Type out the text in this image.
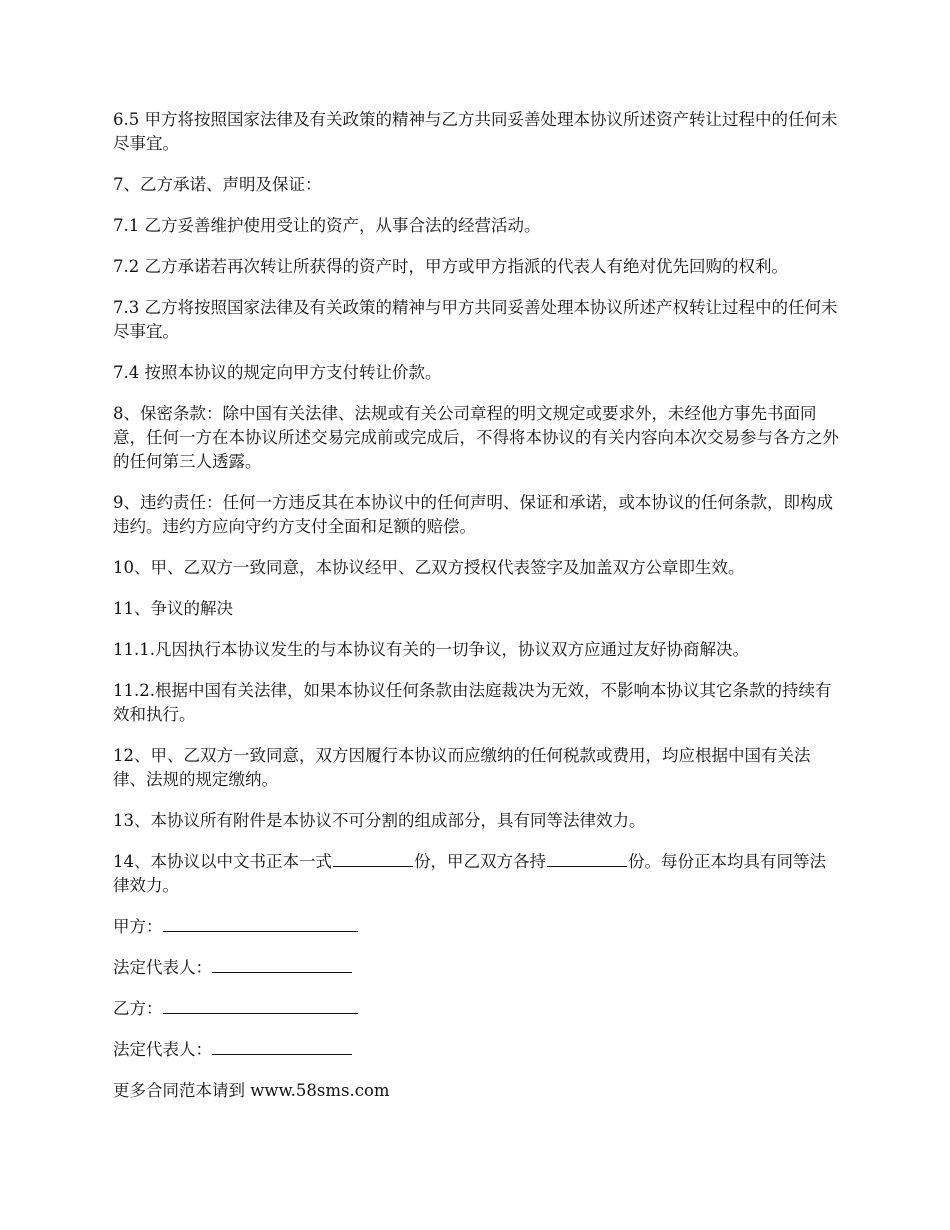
6.5 甲方将按照国家法律及有关政策的精神与乙方共同妥善处理本协议所述资产转让过程中的任何未尽事宜。

7、乙方承诺、声明及保证：

7.1 乙方妥善维护使用受让的资产，从事合法的经营活动。

7.2 乙方承诺若再次转让所获得的资产时，甲方或甲方指派的代表人有绝对优先回购的权利。

7.3 乙方将按照国家法律及有关政策的精神与甲方共同妥善处理本协议所述产权转让过程中的任何未尽事宜。

7.4 按照本协议的规定向甲方支付转让价款。

8、保密条款：除中国有关法律、法规或有关公司章程的明文规定或要求外，未经他方事先书面同意，任何一方在本协议所述交易完成前或完成后，不得将本协议的有关内容向本次交易参与各方之外的任何第三人透露。

9、违约责任：任何一方违反其在本协议中的任何声明、保证和承诺，或本协议的任何条款，即构成违约。违约方应向守约方支付全面和足额的赔偿。

10、甲、乙双方一致同意，本协议经甲、乙双方授权代表签字及加盖双方公章即生效。

11、争议的解决

11.1.凡因执行本协议发生的与本协议有关的一切争议，协议双方应通过友好协商解决。

11.2.根据中国有关法律，如果本协议任何条款由法庭裁决为无效，不影响本协议其它条款的持续有效和执行。

12、甲、乙双方一致同意，双方因履行本协议而应缴纳的任何税款或费用，均应根据中国有关法律、法规的规定缴纳。

13、本协议所有附件是本协议不可分割的组成部分，具有同等法律效力。

14、本协议以中文书正本一式	份，甲乙双方各持	份。每份正本均具有同等法律效力。

甲方：
法定代表人：
乙方：
法定代表人：

更多合同范本请到 www.58sms.com
